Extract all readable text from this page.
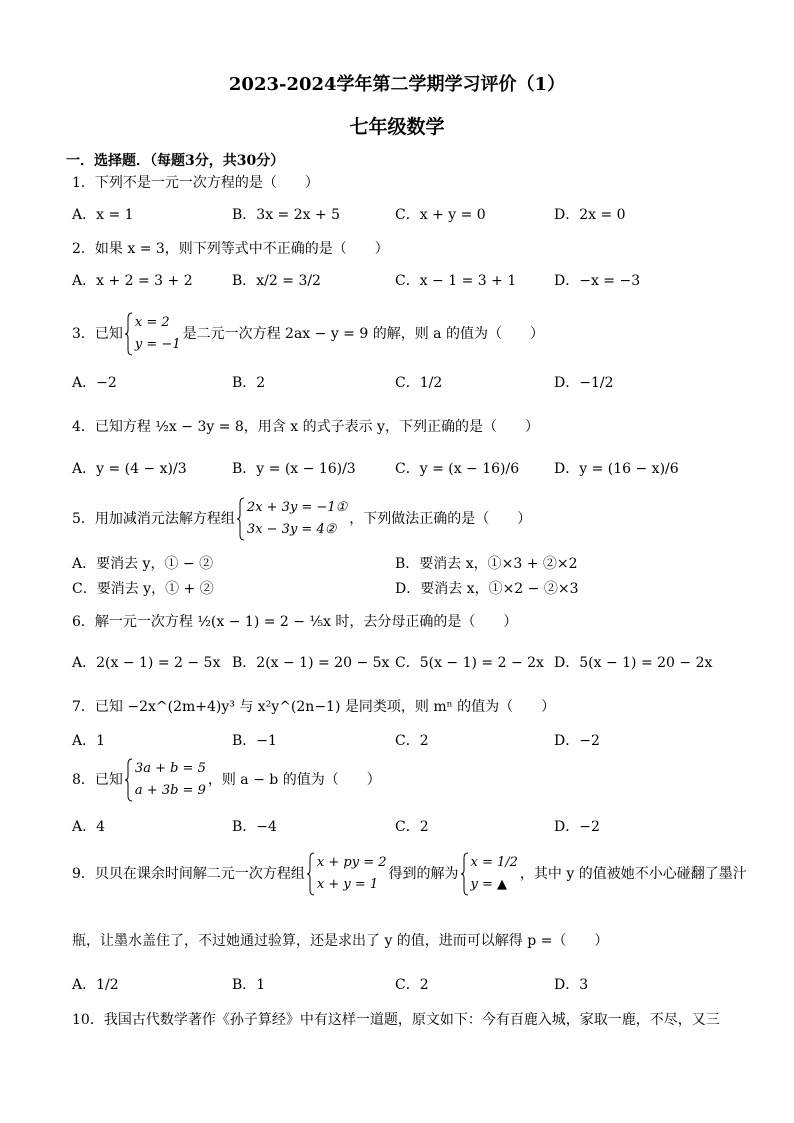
2023-2024学年第二学期学习评价（1）
七年级数学
一．选择题．（每题3分，共30分）
1．下列不是一元一次方程的是（　　）
A．x = 1	B．3x = 2x + 5	C．x + y = 0	D．2x = 0
2．如果 x = 3，则下列等式中不正确的是（　　）
A．x + 2 = 3 + 2	B．x/2 = 3/2	C．x − 1 = 3 + 1	D．−x = −3
3．已知
x = 2
y = −1
是二元一次方程 2ax − y = 9 的解，则 a 的值为（　　）
A．−2	B．2	C．1/2	D．−1/2
4．已知方程 ½x − 3y = 8，用含 x 的式子表示 y，下列正确的是（　　）
A．y = (4 − x)/3	B．y = (x − 16)/3	C．y = (x − 16)/6 D．y = (16 − x)/6
5．用加减消元法解方程组
2x + 3y = −1①
3x − 3y = 4②
，下列做法正确的是（　　）
A．要消去 y，① − ②	B．要消去 x，①×3 + ②×2
C．要消去 y，① + ②	D．要消去 x，①×2 − ②×3
6．解一元一次方程 ½(x − 1) = 2 − ⅕x 时，去分母正确的是（　　）
A．2(x − 1) = 2 − 5x B．2(x − 1) = 20 − 5x C．5(x − 1) = 2 − 2x D．5(x − 1) = 20 − 2x
7．已知 −2x^(2m+4)y³ 与 x²y^(2n−1) 是同类项，则 mⁿ 的值为（　　）
A．1	B．−1	C．2	D．−2
8．已知
3a + b = 5
a + 3b = 9
，则 a − b 的值为（　　）
A．4	B．−4	C．2	D．−2
9．贝贝在课余时间解二元一次方程组
x + py = 2
x + y = 1
得到的解为
x = 1/2
y = ▲
，其中 y 的值被她不小心碰翻了墨汁
瓶，让墨水盖住了，不过她通过验算，还是求出了 y 的值，进而可以解得 p =（　　）
A．1/2	B．1	C．2	D．3
10．我国古代数学著作《孙子算经》中有这样一道题，原文如下：今有百鹿入城，家取一鹿，不尽，又三
